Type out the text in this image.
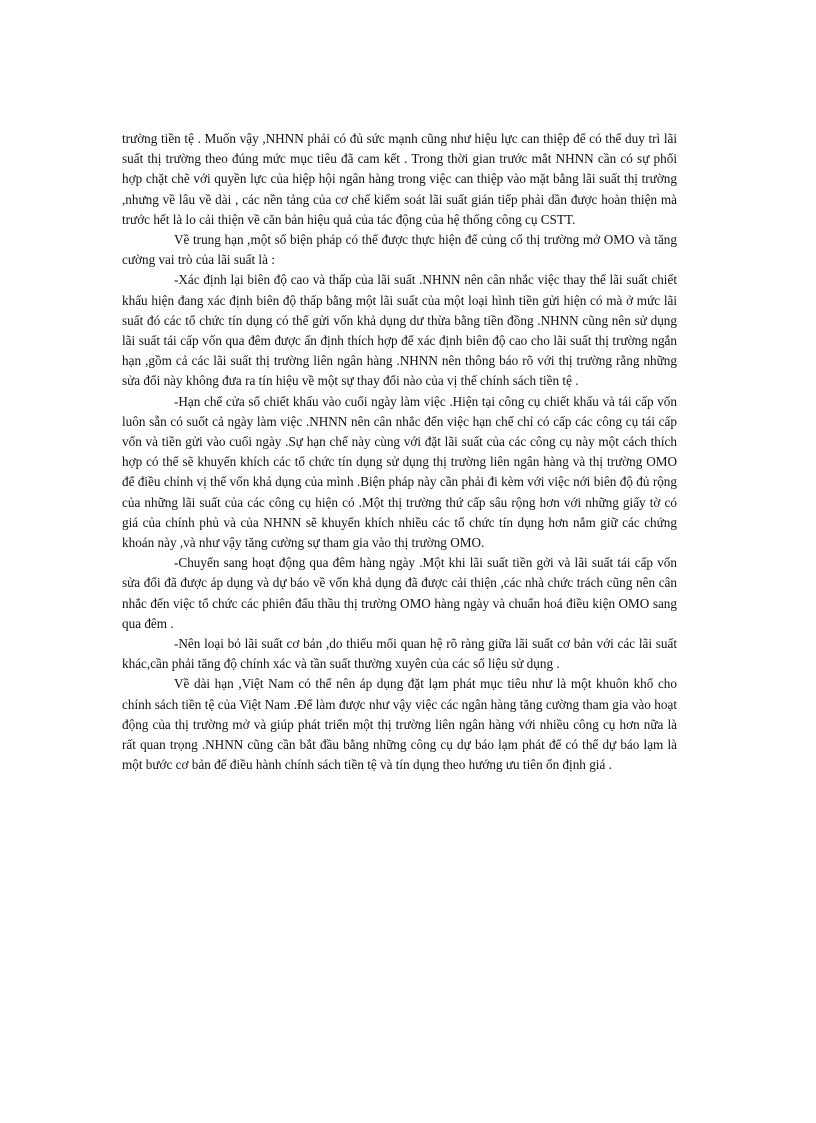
trường tiền tệ . Muốn vậy ,NHNN phải có đủ sức mạnh cũng như hiệu lực can thiệp để có thể duy trì lãi suất thị trường theo đúng mức mục tiêu đã cam kết . Trong thời gian trước mắt NHNN cần có sự phối hợp chặt chẽ với quyền lực của hiệp hội ngân hàng trong việc can thiệp vào mặt bằng lãi suất thị trường ,nhưng về lâu về dài , các nền tảng của cơ chế kiểm soát lãi suất gián tiếp phải dần được hoàn thiện mà trước hết là lo cải thiện về căn bản hiệu quả của tác động của hệ thống công cụ CSTT.

Về trung hạn ,một số biện pháp có thể được thực hiện để củng cố thị trường mở OMO và tăng cường vai trò của lãi suất là :

-Xác định lại biên độ cao và thấp của lãi suất .NHNN nên cân nhắc việc thay thế lãi suất chiết khấu hiện đang xác định biên độ thấp bằng một lãi suất của một loại hình tiền gửi hiện có mà ở mức lãi suất đó các tổ chức tín dụng có thể gửi vốn khả dụng dư thừa bằng tiền đồng .NHNN cũng nên sử dụng lãi suất tái cấp vốn qua đêm được ấn định thích hợp để xác định biên độ cao cho lãi suất thị trường ngắn hạn ,gồm cả các lãi suất thị trường liên ngân hàng .NHNN nên thông báo rõ với thị trường rằng những sửa đổi này không đưa ra tín hiệu về một sự thay đổi nào của vị thế chính sách tiền tệ .

-Hạn chế cửa sổ chiết khấu vào cuối ngày làm việc .Hiện tại công cụ chiết khấu và tái cấp vốn luôn sẵn có suốt cả ngày làm việc .NHNN nên cân nhắc đến việc hạn chế chỉ có cấp các công cụ tái cấp vốn và tiền gửi vào cuối ngày .Sự hạn chế này cùng với đặt lãi suất của các công cụ này một cách thích hợp có thể sẽ khuyến khích các tổ chức tín dụng sử dụng thị trường liên ngân hàng và thị trường OMO để điều chỉnh vị thế vốn khả dụng của mình .Biện pháp này cần phải đi kèm với việc nới biên độ đủ rộng của những lãi suất của các công cụ hiện có .Một thị trường thứ cấp sâu rộng hơn với những giấy tờ có giá của chính phủ và của NHNN sẽ khuyến khích nhiều các tổ chức tín dụng hơn nắm giữ các chứng khoán này ,và như vậy tăng cường sự tham gia vào thị trường OMO.

-Chuyển sang hoạt động qua đêm hàng ngày .Một khi lãi suất tiền gởi và lãi suất tái cấp vốn sửa đổi đã được áp dụng và dự báo về vốn khả dụng đã được cải thiện ,các nhà chức trách cũng nên cân nhắc đến việc tổ chức các phiên đấu thầu thị trường OMO hàng ngày và chuẩn hoá điều kiện OMO sang qua đêm .

-Nên loại bỏ lãi suất cơ bản ,do thiếu mối quan hệ rõ ràng giữa lãi suất cơ bản với các lãi suất khác,cần phải tăng độ chính xác và tần suất thường xuyên của các số liệu sử dụng .

Về dài hạn ,Việt Nam có thể nên áp dụng đặt lạm phát mục tiêu như là một khuôn khổ cho chính sách tiền tệ của Việt Nam .Để làm được như vậy việc các ngân hàng tăng cường tham gia vào hoạt động của thị trường mở và giúp phát triển một thị trường liên ngân hàng với nhiều công cụ hơn nữa là rất quan trọng .NHNN cũng cần bắt đầu bằng những công cụ dự báo lạm phát để có thể dự báo lạm là một bước cơ bản để điều hành chính sách tiền tệ và tín dụng theo hướng ưu tiên ổn định giá .
